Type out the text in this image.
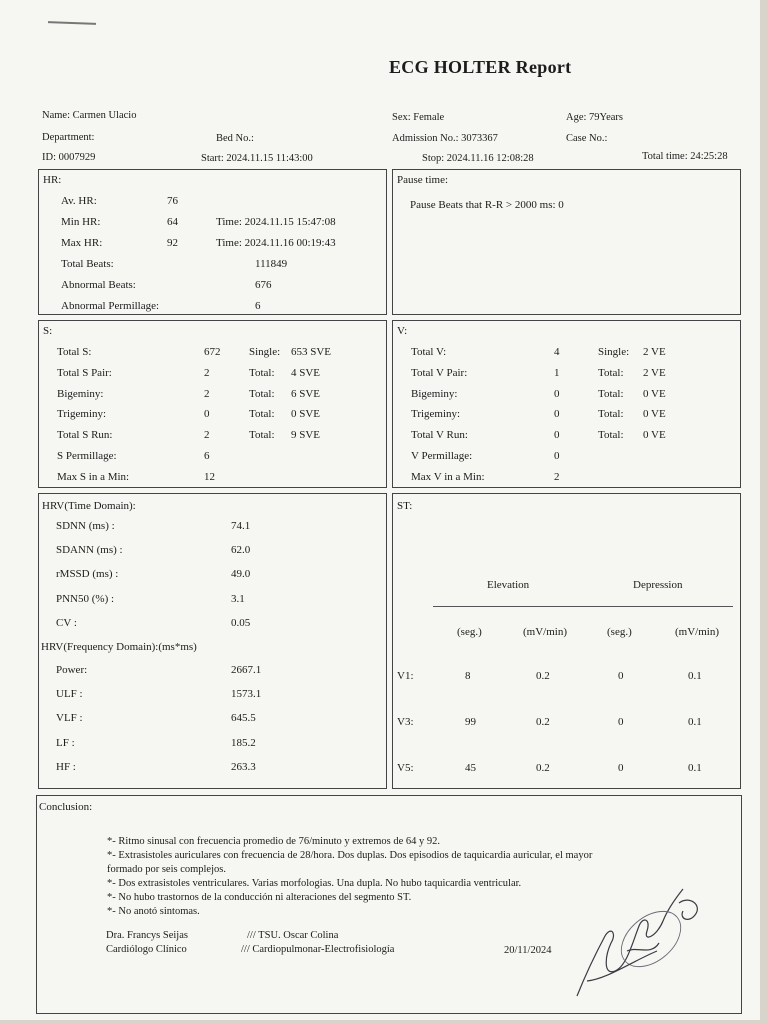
ECG HOLTER Report
Name: Carmen Ulacio	Sex: Female	Age: 79Years
Department:	Bed No.:	Admission No.: 3073367	Case No.:
ID: 0007929	Start: 2024.11.15 11:43:00	Stop: 2024.11.16 12:08:28	Total time: 24:25:28
HR:
Av. HR:	76
Min HR:	64	Time: 2024.11.15 15:47:08
Max HR:	92	Time: 2024.11.16 00:19:43
Total Beats:	111849
Abnormal Beats:	676
Abnormal Permillage:	6
Pause time:
Pause Beats that R-R > 2000 ms: 0
S:
Total S:	672	Single: 653 SVE
Total S Pair:	2	Total: 4 SVE
Bigeminy:	2	Total: 6 SVE
Trigeminy:	0	Total: 0 SVE
Total S Run:	2	Total: 9 SVE
S Permillage:	6
Max S in a Min:	12
V:
Total V:	4	Single: 2 VE
Total V Pair:	1	Total: 2 VE
Bigeminy:	0	Total: 0 VE
Trigeminy:	0	Total: 0 VE
Total V Run:	0	Total: 0 VE
V Permillage:	0
Max V in a Min:	2
HRV(Time Domain):
SDNN (ms) :	74.1
SDANN (ms) :	62.0
rMSSD (ms) :	49.0
PNN50 (%) :	3.1
CV :	0.05
HRV(Frequency Domain):(ms*ms)
Power:	2667.1
ULF :	1573.1
VLF :	645.5
LF :	185.2
HF :	263.3
ST:
Elevation	Depression
(seg.)	(mV/min)	(seg.)	(mV/min)
V1:	8	0.2	0	0.1
V3:	99	0.2	0	0.1
V5:	45	0.2	0	0.1
Conclusion:
*- Ritmo sinusal con frecuencia promedio de 76/minuto y extremos de 64 y 92.
*- Extrasistoles auriculares con frecuencia de 28/hora. Dos duplas. Dos episodios de taquicardia auricular, el mayor
formado por seis complejos.
*- Dos extrasistoles ventriculares. Varias morfologias. Una dupla. No hubo taquicardia ventricular.
*- No hubo trastornos de la conducción ni alteraciones del segmento ST.
*- No anotó sintomas.
Dra. Francys Seijas
Cardiólogo Clínico
/// TSU. Oscar Colina
/// Cardiopulmonar-Electrofisiología	20/11/2024
